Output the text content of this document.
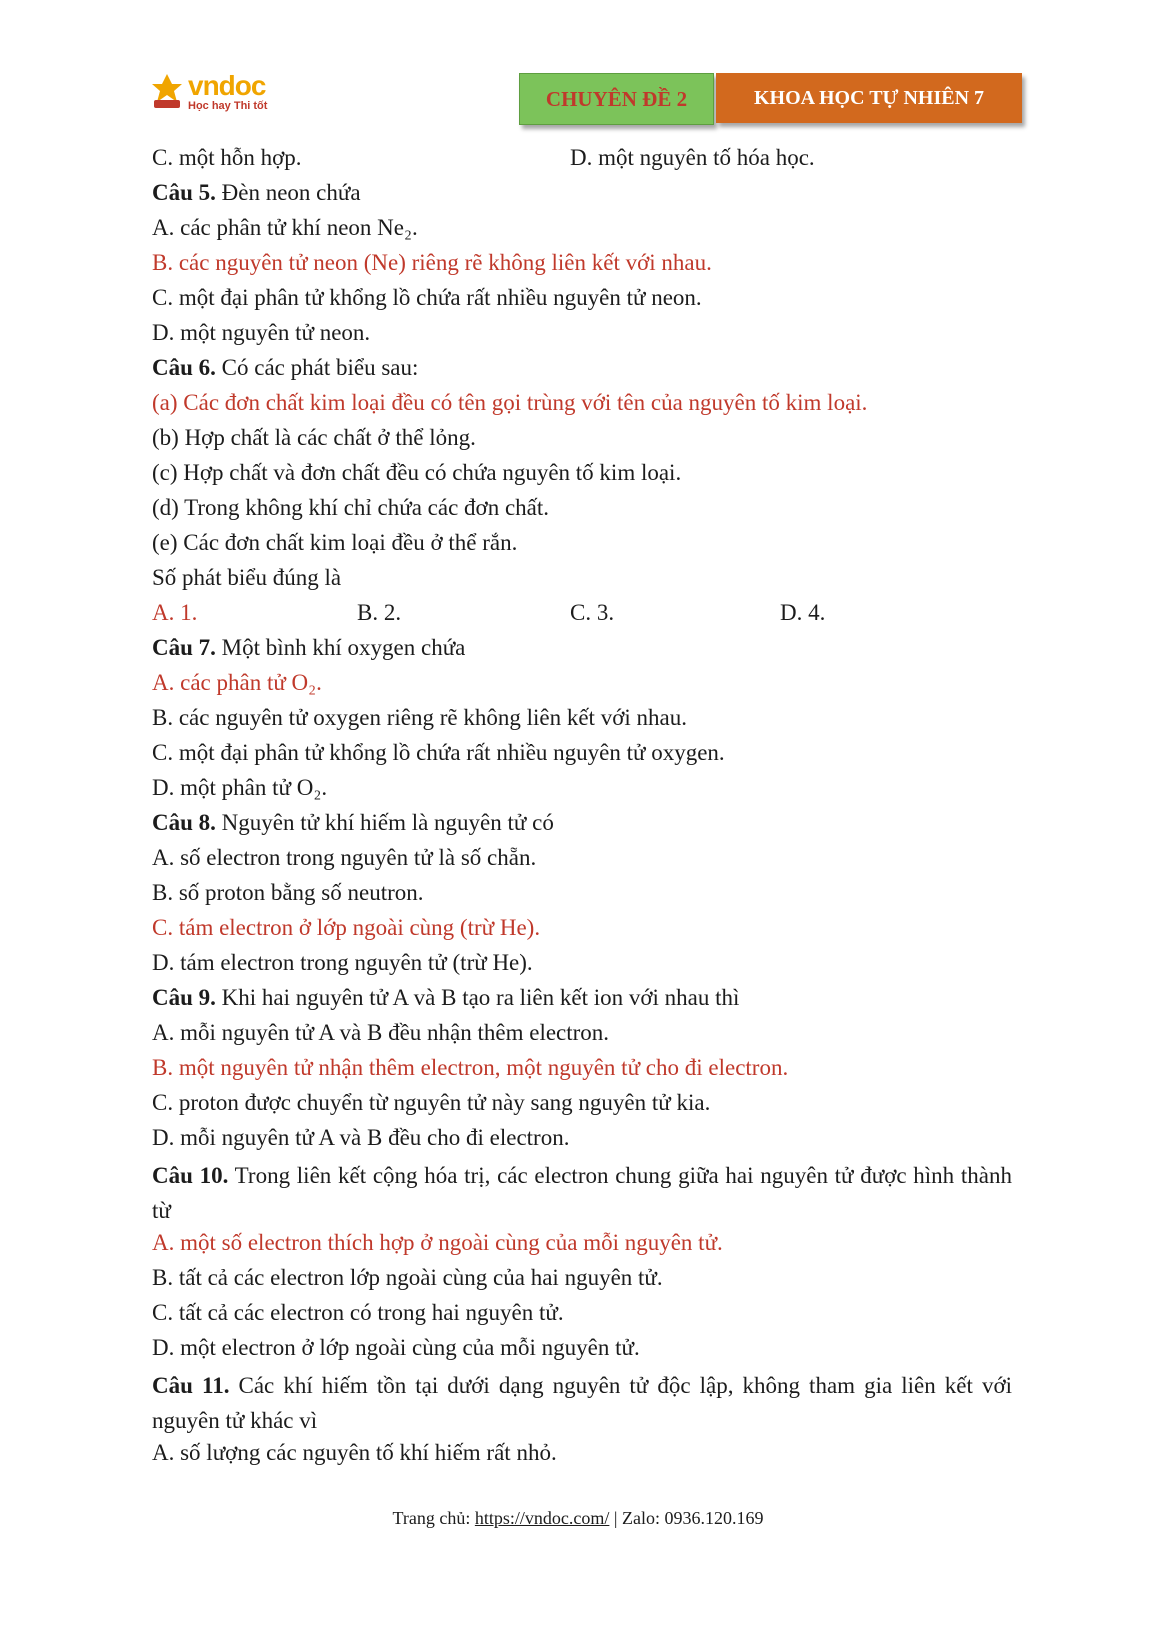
vndoc
Học hay Thi tốt	CHUYÊN ĐỀ 2	KHOA HỌC TỰ NHIÊN 7
C. một hỗn hợp.	D. một nguyên tố hóa học.
Câu 5. Đèn neon chứa
A. các phân tử khí neon Ne₂.
B. các nguyên tử neon (Ne) riêng rẽ không liên kết với nhau.
C. một đại phân tử khổng lồ chứa rất nhiều nguyên tử neon.
D. một nguyên tử neon.
Câu 6. Có các phát biểu sau:
(a) Các đơn chất kim loại đều có tên gọi trùng với tên của nguyên tố kim loại.
(b) Hợp chất là các chất ở thể lỏng.
(c) Hợp chất và đơn chất đều có chứa nguyên tố kim loại.
(d) Trong không khí chỉ chứa các đơn chất.
(e) Các đơn chất kim loại đều ở thể rắn.
Số phát biểu đúng là
A. 1.	B. 2.	C. 3.	D. 4.
Câu 7. Một bình khí oxygen chứa
A. các phân tử O₂.
B. các nguyên tử oxygen riêng rẽ không liên kết với nhau.
C. một đại phân tử khổng lồ chứa rất nhiều nguyên tử oxygen.
D. một phân tử O₂.
Câu 8. Nguyên tử khí hiếm là nguyên tử có
A. số electron trong nguyên tử là số chẵn.
B. số proton bằng số neutron.
C. tám electron ở lớp ngoài cùng (trừ He).
D. tám electron trong nguyên tử (trừ He).
Câu 9. Khi hai nguyên tử A và B tạo ra liên kết ion với nhau thì
A. mỗi nguyên tử A và B đều nhận thêm electron.
B. một nguyên tử nhận thêm electron, một nguyên tử cho đi electron.
C. proton được chuyển từ nguyên tử này sang nguyên tử kia.
D. mỗi nguyên tử A và B đều cho đi electron.
Câu 10. Trong liên kết cộng hóa trị, các electron chung giữa hai nguyên tử được hình thành từ
A. một số electron thích hợp ở ngoài cùng của mỗi nguyên tử.
B. tất cả các electron lớp ngoài cùng của hai nguyên tử.
C. tất cả các electron có trong hai nguyên tử.
D. một electron ở lớp ngoài cùng của mỗi nguyên tử.
Câu 11. Các khí hiếm tồn tại dưới dạng nguyên tử độc lập, không tham gia liên kết với nguyên tử khác vì
A. số lượng các nguyên tố khí hiếm rất nhỏ.
Trang chủ: https://vndoc.com/ | Zalo: 0936.120.169
